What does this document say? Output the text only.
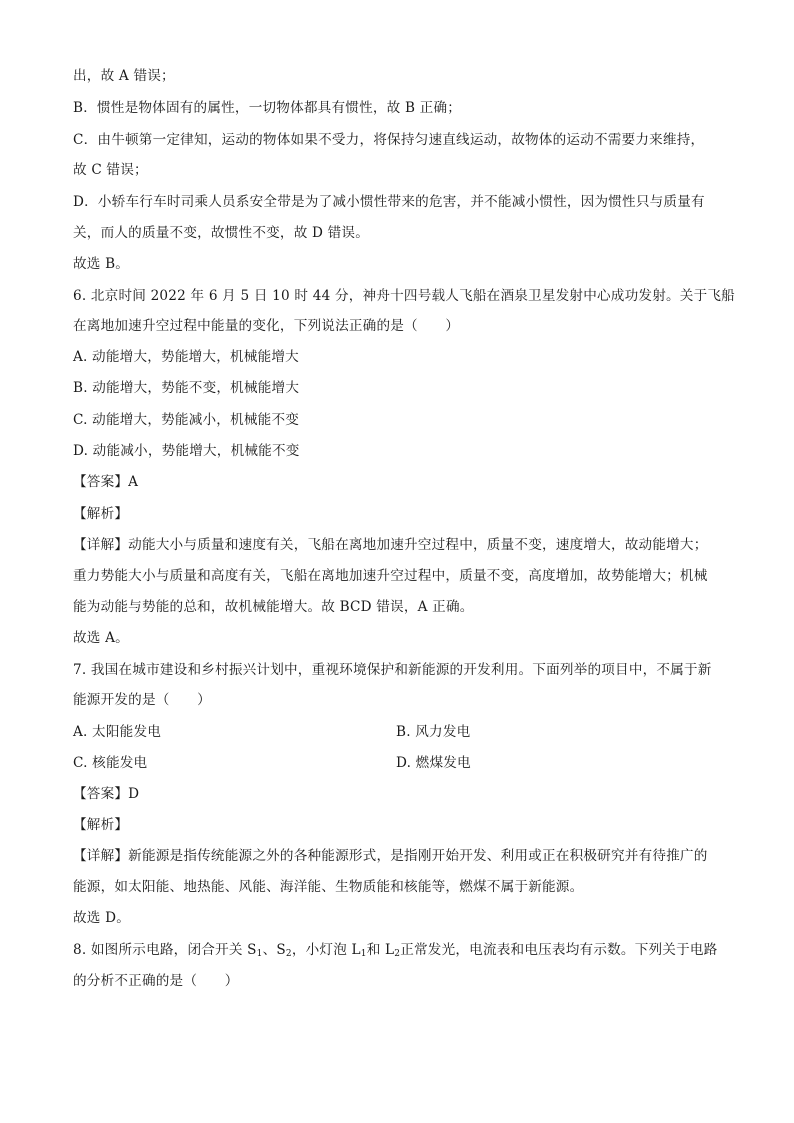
出，故 A 错误；
B．惯性是物体固有的属性，一切物体都具有惯性，故 B 正确；
C．由牛顿第一定律知，运动的物体如果不受力，将保持匀速直线运动，故物体的运动不需要力来维持，
故 C 错误；
D．小轿车行车时司乘人员系安全带是为了减小惯性带来的危害，并不能减小惯性，因为惯性只与质量有
关，而人的质量不变，故惯性不变，故 D 错误。
故选 B。
6. 北京时间 2022 年 6 月 5 日 10 时 44 分，神舟十四号载人飞船在酒泉卫星发射中心成功发射。关于飞船
在离地加速升空过程中能量的变化，下列说法正确的是（　　）
A. 动能增大，势能增大，机械能增大
B. 动能增大，势能不变，机械能增大
C. 动能增大，势能减小，机械能不变
D. 动能减小，势能增大，机械能不变
【答案】A
【解析】
【详解】动能大小与质量和速度有关，飞船在离地加速升空过程中，质量不变，速度增大，故动能增大；
重力势能大小与质量和高度有关，飞船在离地加速升空过程中，质量不变，高度增加，故势能增大；机械
能为动能与势能的总和，故机械能增大。故 BCD 错误，A 正确。
故选 A。
7. 我国在城市建设和乡村振兴计划中，重视环境保护和新能源的开发利用。下面列举的项目中，不属于新
能源开发的是（　　）
A. 太阳能发电	B. 风力发电
C. 核能发电	D. 燃煤发电
【答案】D
【解析】
【详解】新能源是指传统能源之外的各种能源形式，是指刚开始开发、利用或正在积极研究并有待推广的
能源，如太阳能、地热能、风能、海洋能、生物质能和核能等，燃煤不属于新能源。
故选 D。
8. 如图所示电路，闭合开关 $S_1$、$S_2$，小灯泡 $L_1$和 $L_2$正常发光，电流表和电压表均有示数。下列关于电路
的分析不正确的是（　　）
